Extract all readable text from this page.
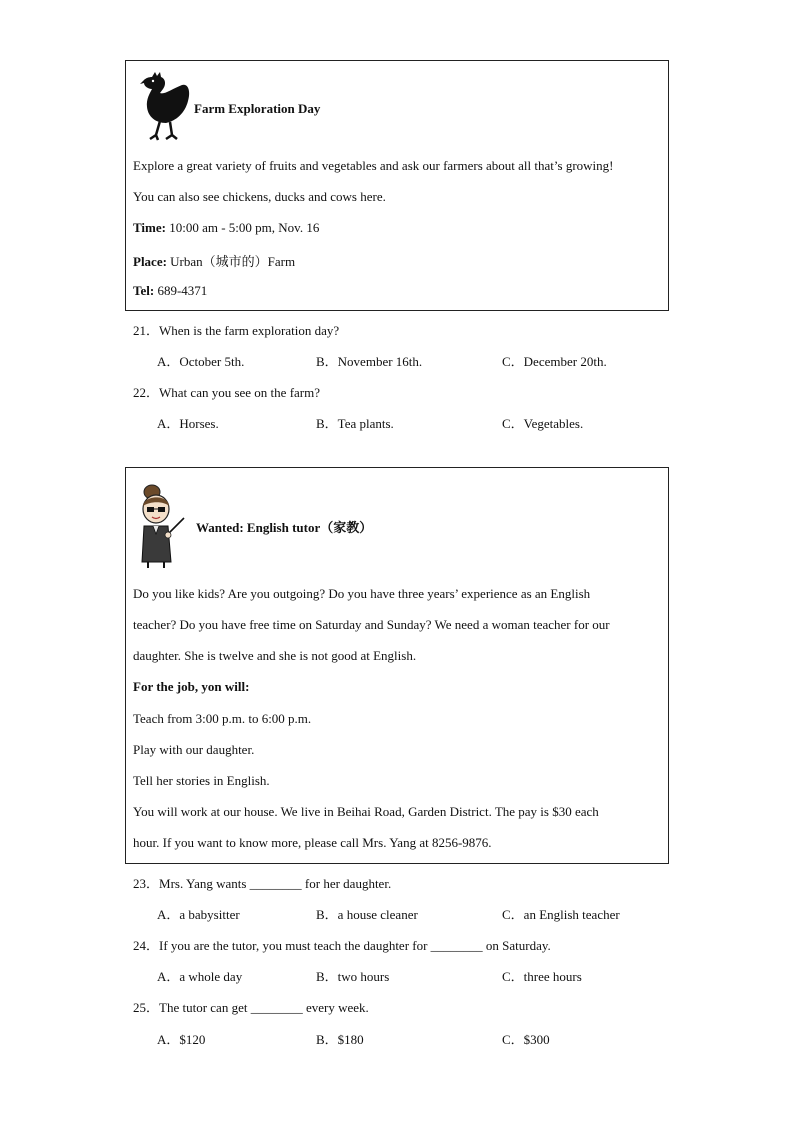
Farm Exploration Day
Explore a great variety of fruits and vegetables and ask our farmers about all that’s growing!
You can also see chickens, ducks and cows here.
Time: 10:00 am - 5:00 pm, Nov. 16
Place: Urban（城市的）Farm
Tel: 689-4371
21．When is the farm exploration day?
A．October 5th.	B．November 16th.	C．December 20th.
22．What can you see on the farm?
A．Horses.	B．Tea plants.	C．Vegetables.
Wanted: English tutor（家教）
Do you like kids? Are you outgoing? Do you have three years’ experience as an English
teacher? Do you have free time on Saturday and Sunday? We need a woman teacher for our
daughter. She is twelve and she is not good at English.
For the job, yon will:
Teach from 3:00 p.m. to 6:00 p.m.
Play with our daughter.
Tell her stories in English.
You will work at our house. We live in Beihai Road, Garden District. The pay is $30 each
hour. If you want to know more, please call Mrs. Yang at 8256-9876.
23．Mrs. Yang wants ________ for her daughter.
A．a babysitter	B．a house cleaner	C．an English teacher
24．If you are the tutor, you must teach the daughter for ________ on Saturday.
A．a whole day	B．two hours	C．three hours
25．The tutor can get ________ every week.
A．$120	B．$180	C．$300
